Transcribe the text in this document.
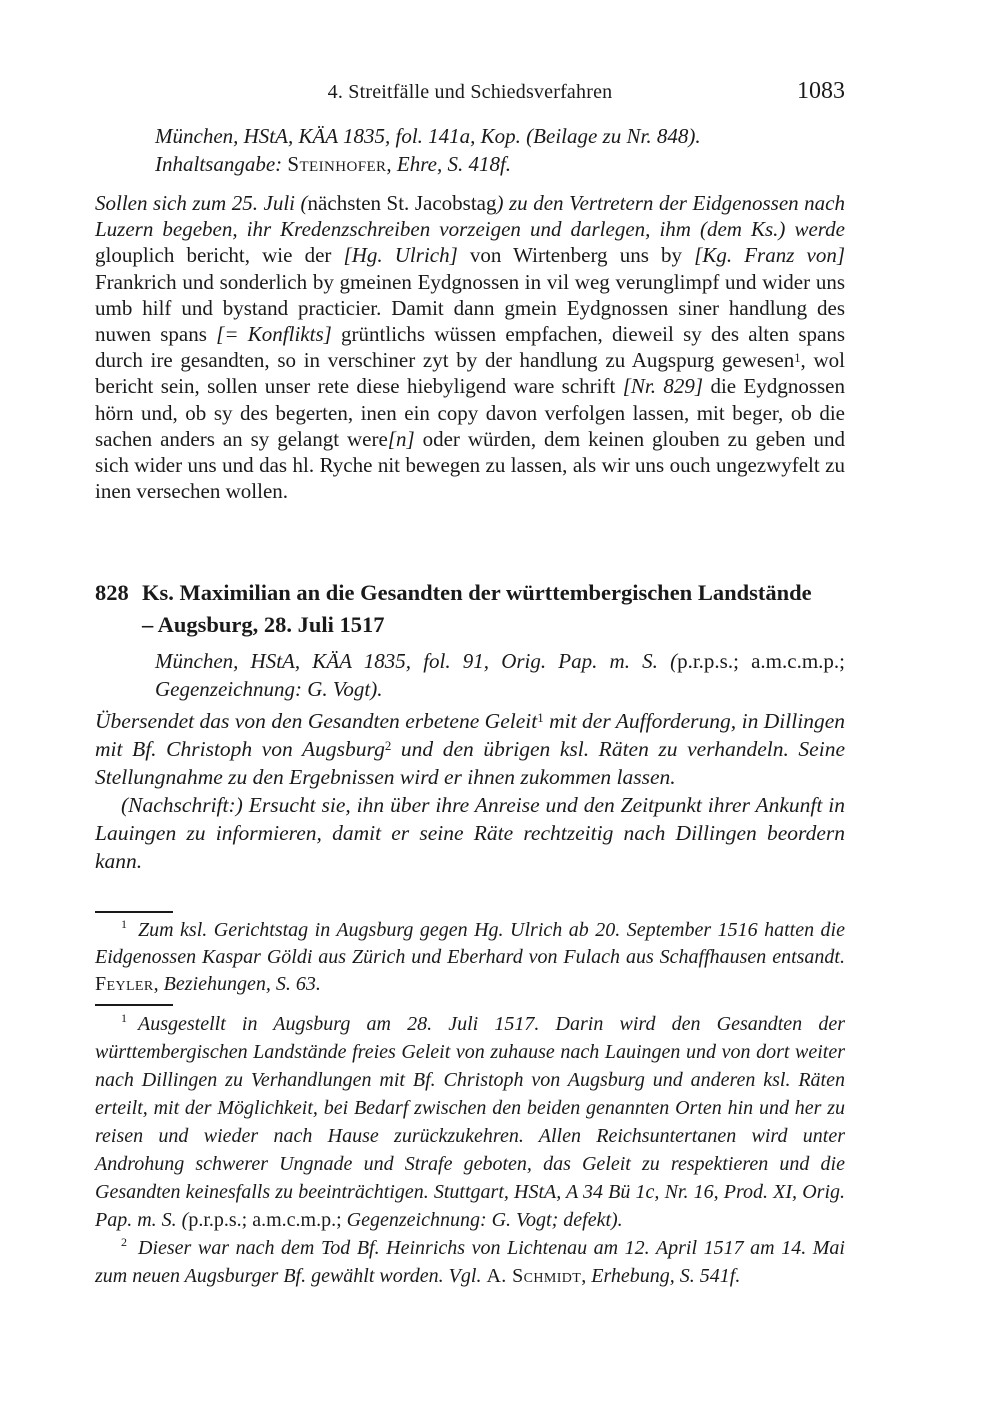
4. Streitfälle und Schiedsverfahren	1083

München, HStA, KÄA 1835, fol. 141a, Kop. (Beilage zu Nr. 848).

Inhaltsangabe: Steinhofer, Ehre, S. 418f.

Sollen sich zum 25. Juli (nächsten St. Jacobstag) zu den Vertretern der Eidgenossen nach Luzern begeben, ihr Kredenzschreiben vorzeigen und darlegen, ihm (dem Ks.) werde glouplich bericht, wie der [Hg. Ulrich] von Wirtenberg uns by [Kg. Franz von] Frankrich und sonderlich by gmeinen Eydgnossen in vil weg verunglimpf und wider uns umb hilf und bystand practicier. Damit dann gmein Eydgnossen siner handlung des nuwen spans [= Konflikts] grüntlichs wüssen empfachen, dieweil sy des alten spans durch ire gesandten, so in verschiner zyt by der handlung zu Augspurg gewesen$^1$, wol bericht sein, sollen unser rete diese hiebyligend ware schrift [Nr. 829] die Eydgnossen hörn und, ob sy des begerten, inen ein copy davon verfolgen lassen, mit beger, ob die sachen anders an sy gelangt were[n] oder würden, dem keinen glouben zu geben und sich wider uns und das hl. Ryche nit bewegen zu lassen, als wir uns ouch ungezwyfelt zu inen versechen wollen.
828 Ks. Maximilian an die Gesandten der württembergischen Landstände
– Augsburg, 28. Juli 1517

München, HStA, KÄA 1835, fol. 91, Orig. Pap. m. S. (p.r.p.s.; a.m.c.m.p.; Gegenzeichnung: G. Vogt).

Übersendet das von den Gesandten erbetene Geleit$^1$ mit der Aufforderung, in Dillingen mit Bf. Christoph von Augsburg$^2$ und den übrigen ksl. Räten zu verhandeln. Seine Stellungnahme zu den Ergebnissen wird er ihnen zukommen lassen.

(Nachschrift:) Ersucht sie, ihn über ihre Anreise und den Zeitpunkt ihrer Ankunft in Lauingen zu informieren, damit er seine Räte rechtzeitig nach Dillingen beordern kann.

$^1$ Zum ksl. Gerichtstag in Augsburg gegen Hg. Ulrich ab 20. September 1516 hatten die Eidgenossen Kaspar Göldi aus Zürich und Eberhard von Fulach aus Schaffhausen entsandt. Feyler, Beziehungen, S. 63.

$^1$ Ausgestellt in Augsburg am 28. Juli 1517. Darin wird den Gesandten der württembergischen Landstände freies Geleit von zuhause nach Lauingen und von dort weiter nach Dillingen zu Verhandlungen mit Bf. Christoph von Augsburg und anderen ksl. Räten erteilt, mit der Möglichkeit, bei Bedarf zwischen den beiden genannten Orten hin und her zu reisen und wieder nach Hause zurückzukehren. Allen Reichsuntertanen wird unter Androhung schwerer Ungnade und Strafe geboten, das Geleit zu respektieren und die Gesandten keinesfalls zu beeinträchtigen. Stuttgart, HStA, A 34 Bü 1c, Nr. 16, Prod. XI, Orig. Pap. m. S. (p.r.p.s.; a.m.c.m.p.; Gegenzeichnung: G. Vogt; defekt).

$^2$ Dieser war nach dem Tod Bf. Heinrichs von Lichtenau am 12. April 1517 am 14. Mai zum neuen Augsburger Bf. gewählt worden. Vgl. A. Schmidt, Erhebung, S. 541f.
